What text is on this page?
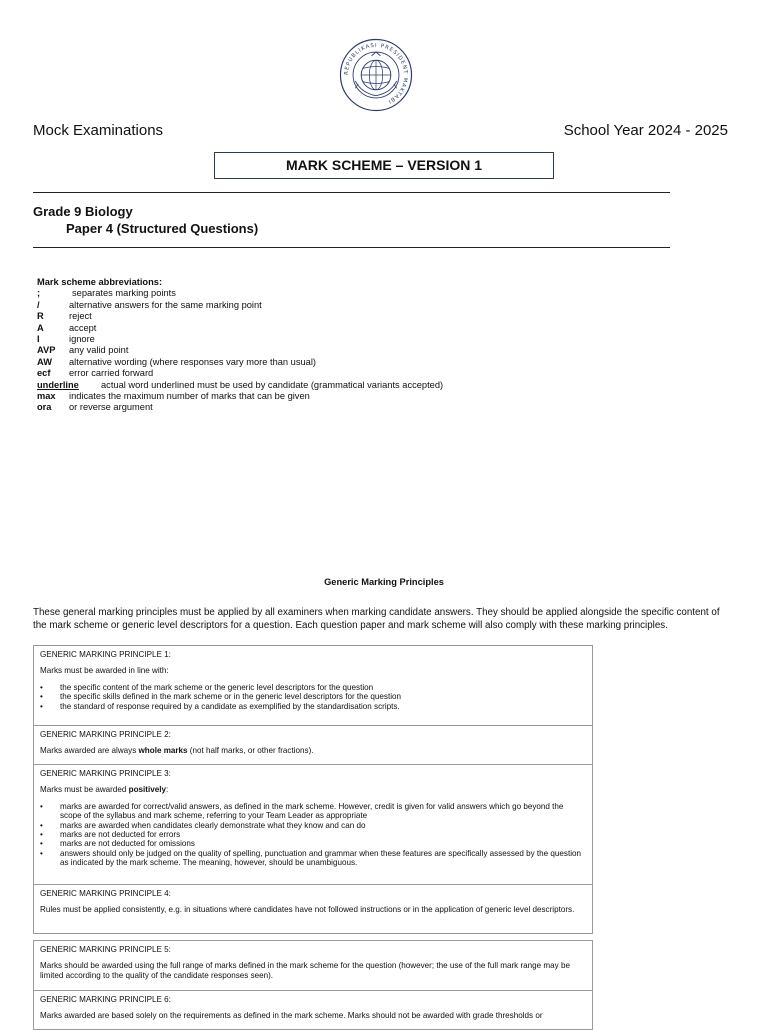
REPUBLIKASI PRESIDENT MAKTABI
Mock Examinations	School Year 2024 - 2025
MARK SCHEME – VERSION 1
Grade 9 Biology
Paper 4 (Structured Questions)
Mark scheme abbreviations:
;	separates marking points
/	alternative answers for the same marking point
R	reject
A	accept
I	ignore
AVP any valid point
AW alternative wording (where responses vary more than usual)
ecf error carried forward
underline actual word underlined must be used by candidate (grammatical variants accepted)
max indicates the maximum number of marks that can be given
ora or reverse argument
Generic Marking Principles
These general marking principles must be applied by all examiners when marking candidate answers. They should be applied alongside the specific content of the mark scheme or generic level descriptors for a question. Each question paper and mark scheme will also comply with these marking principles.
GENERIC MARKING PRINCIPLE 1:
Marks must be awarded in line with:
• the specific content of the mark scheme or the generic level descriptors for the question
• the specific skills defined in the mark scheme or in the generic level descriptors for the question
• the standard of response required by a candidate as exemplified by the standardisation scripts.
GENERIC MARKING PRINCIPLE 2:
Marks awarded are always whole marks (not half marks, or other fractions).
GENERIC MARKING PRINCIPLE 3:
Marks must be awarded positively:
• marks are awarded for correct/valid answers, as defined in the mark scheme. However, credit is given for valid answers which go beyond the scope of the syllabus and mark scheme, referring to your Team Leader as appropriate
• marks are awarded when candidates clearly demonstrate what they know and can do
• marks are not deducted for errors
• marks are not deducted for omissions
• answers should only be judged on the quality of spelling, punctuation and grammar when these features are specifically assessed by the question as indicated by the mark scheme. The meaning, however, should be unambiguous.
GENERIC MARKING PRINCIPLE 4:
Rules must be applied consistently, e.g. in situations where candidates have not followed instructions or in the application of generic level descriptors.
GENERIC MARKING PRINCIPLE 5:
Marks should be awarded using the full range of marks defined in the mark scheme for the question (however; the use of the full mark range may be limited according to the quality of the candidate responses seen).
GENERIC MARKING PRINCIPLE 6:
Marks awarded are based solely on the requirements as defined in the mark scheme. Marks should not be awarded with grade thresholds or
